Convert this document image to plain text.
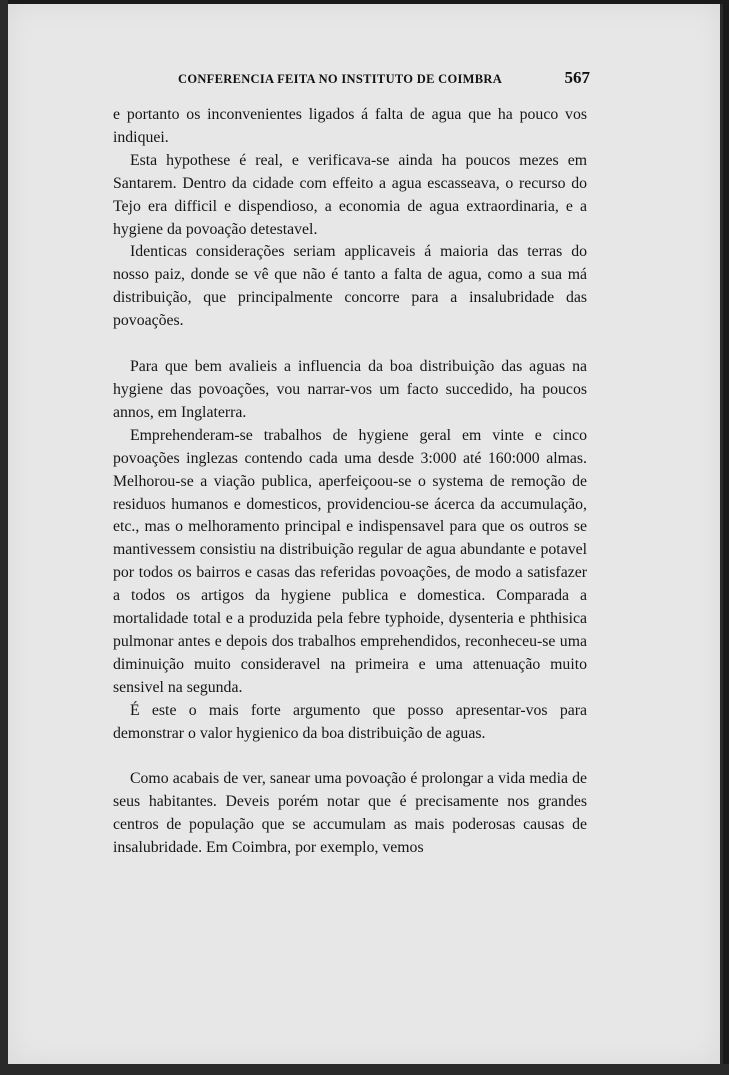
CONFERENCIA FEITA NO INSTITUTO DE COIMBRA	567

e portanto os inconvenientes ligados á falta de agua que ha pouco vos indiquei.

Esta hypothese é real, e verificava-se ainda ha poucos mezes em Santarem. Dentro da cidade com effeito a agua escasseava, o recurso do Tejo era difficil e dispendioso, a economia de agua extraordinaria, e a hygiene da povoação detestavel.

Identicas considerações seriam applicaveis á maioria das terras do nosso paiz, donde se vê que não é tanto a falta de agua, como a sua má distribuição, que principalmente concorre para a insalubridade das povoações.

Para que bem avalieis a influencia da boa distribuição das aguas na hygiene das povoações, vou narrar-vos um facto succedido, ha poucos annos, em Inglaterra.

Emprehenderam-se trabalhos de hygiene geral em vinte e cinco povoações inglezas contendo cada uma desde 3:000 até 160:000 almas. Melhorou-se a viação publica, aperfeiçoou-se o systema de remoção de residuos humanos e domesticos, providenciou-se ácerca da accumulação, etc., mas o melhoramento principal e indispensavel para que os outros se mantivessem consistiu na distribuição regular de agua abundante e potavel por todos os bairros e casas das referidas povoações, de modo a satisfazer a todos os artigos da hygiene publica e domestica. Comparada a mortalidade total e a produzida pela febre typhoide, dysenteria e phthisica pulmonar antes e depois dos trabalhos emprehendidos, reconheceu-se uma diminuição muito consideravel na primeira e uma attenuação muito sensivel na segunda.

É este o mais forte argumento que posso apresentar-vos para demonstrar o valor hygienico da boa distribuição de aguas.

Como acabais de ver, sanear uma povoação é prolongar a vida media de seus habitantes. Deveis porém notar que é precisamente nos grandes centros de população que se accumulam as mais poderosas causas de insalubridade. Em Coimbra, por exemplo, vemos
